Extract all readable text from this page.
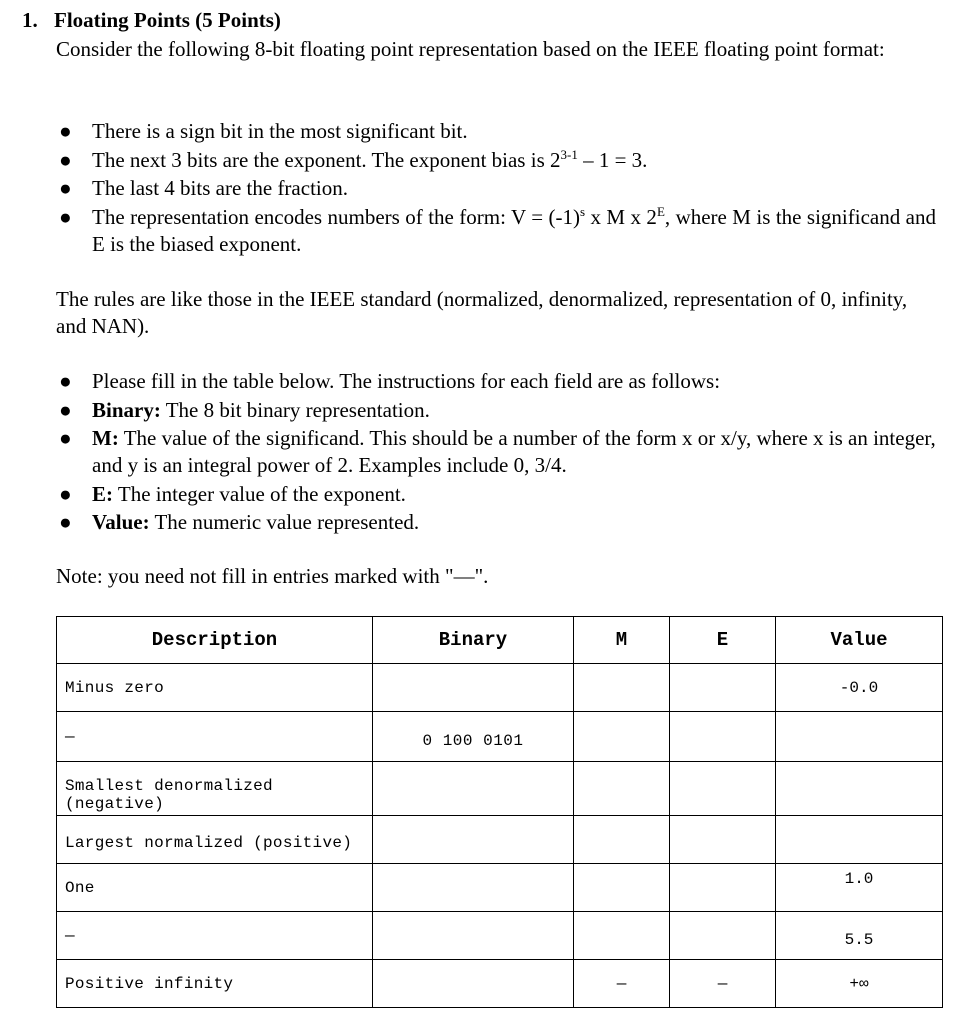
1. Floating Points (5 Points)
Consider the following 8-bit floating point representation based on the IEEE floating point format:
● There is a sign bit in the most significant bit.
● The next 3 bits are the exponent. The exponent bias is 2$^{3-1}$ – 1 = 3.
● The last 4 bits are the fraction.
● The representation encodes numbers of the form: $V = (-1)^s$ x M x $2^E$, where M is the significand and E is the biased exponent.
The rules are like those in the IEEE standard (normalized, denormalized, representation of 0, infinity, and NAN).
● Please fill in the table below. The instructions for each field are as follows:
● Binary: The 8 bit binary representation.
● M: The value of the significand. This should be a number of the form x or x/y, where x is an integer, and y is an integral power of 2. Examples include 0, 3/4.
● E: The integer value of the exponent.
● Value: The numeric value represented.
Note: you need not fill in entries marked with "—".
Description	Binary	M	E	Value
Minus zero				-0.0
—	0 100 0101			
Smallest denormalized (negative)				
Largest normalized (positive)				
One				1.0
—				5.5
Positive infinity		—	—	+∞
